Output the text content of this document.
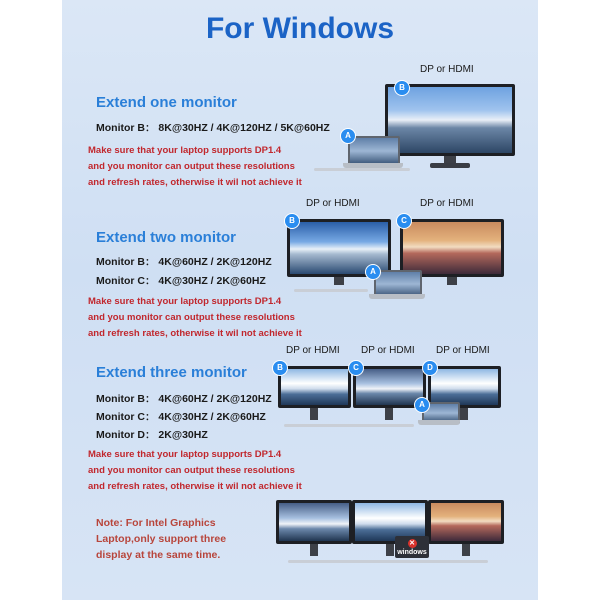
For Windows
Extend one monitor
Monitor B： 8K@30HZ / 4K@120HZ / 5K@60HZ
Make sure that your laptop supports DP1.4
and you monitor can output these resolutions
and refresh rates, otherwise it wil not achieve it
DP or HDMI
B
A
Extend two monitor
Monitor B： 4K@60HZ / 2K@120HZ
Monitor C： 4K@30HZ / 2K@60HZ
Make sure that your laptop supports DP1.4
and you monitor can output these resolutions
and refresh rates, otherwise it wil not achieve it
DP or HDMI	DP or HDMI
B	C
A
Extend three monitor
Monitor B： 4K@60HZ / 2K@120HZ
Monitor C： 4K@30HZ / 2K@60HZ
Monitor D： 2K@30HZ
Make sure that your laptop supports DP1.4
and you monitor can output these resolutions
and refresh rates, otherwise it wil not achieve it
DP or HDMI DP or HDMI DP or HDMI
B	C	D
A
Note: For Intel Graphics
Laptop,only support three
display at the same time.
✕
windows
